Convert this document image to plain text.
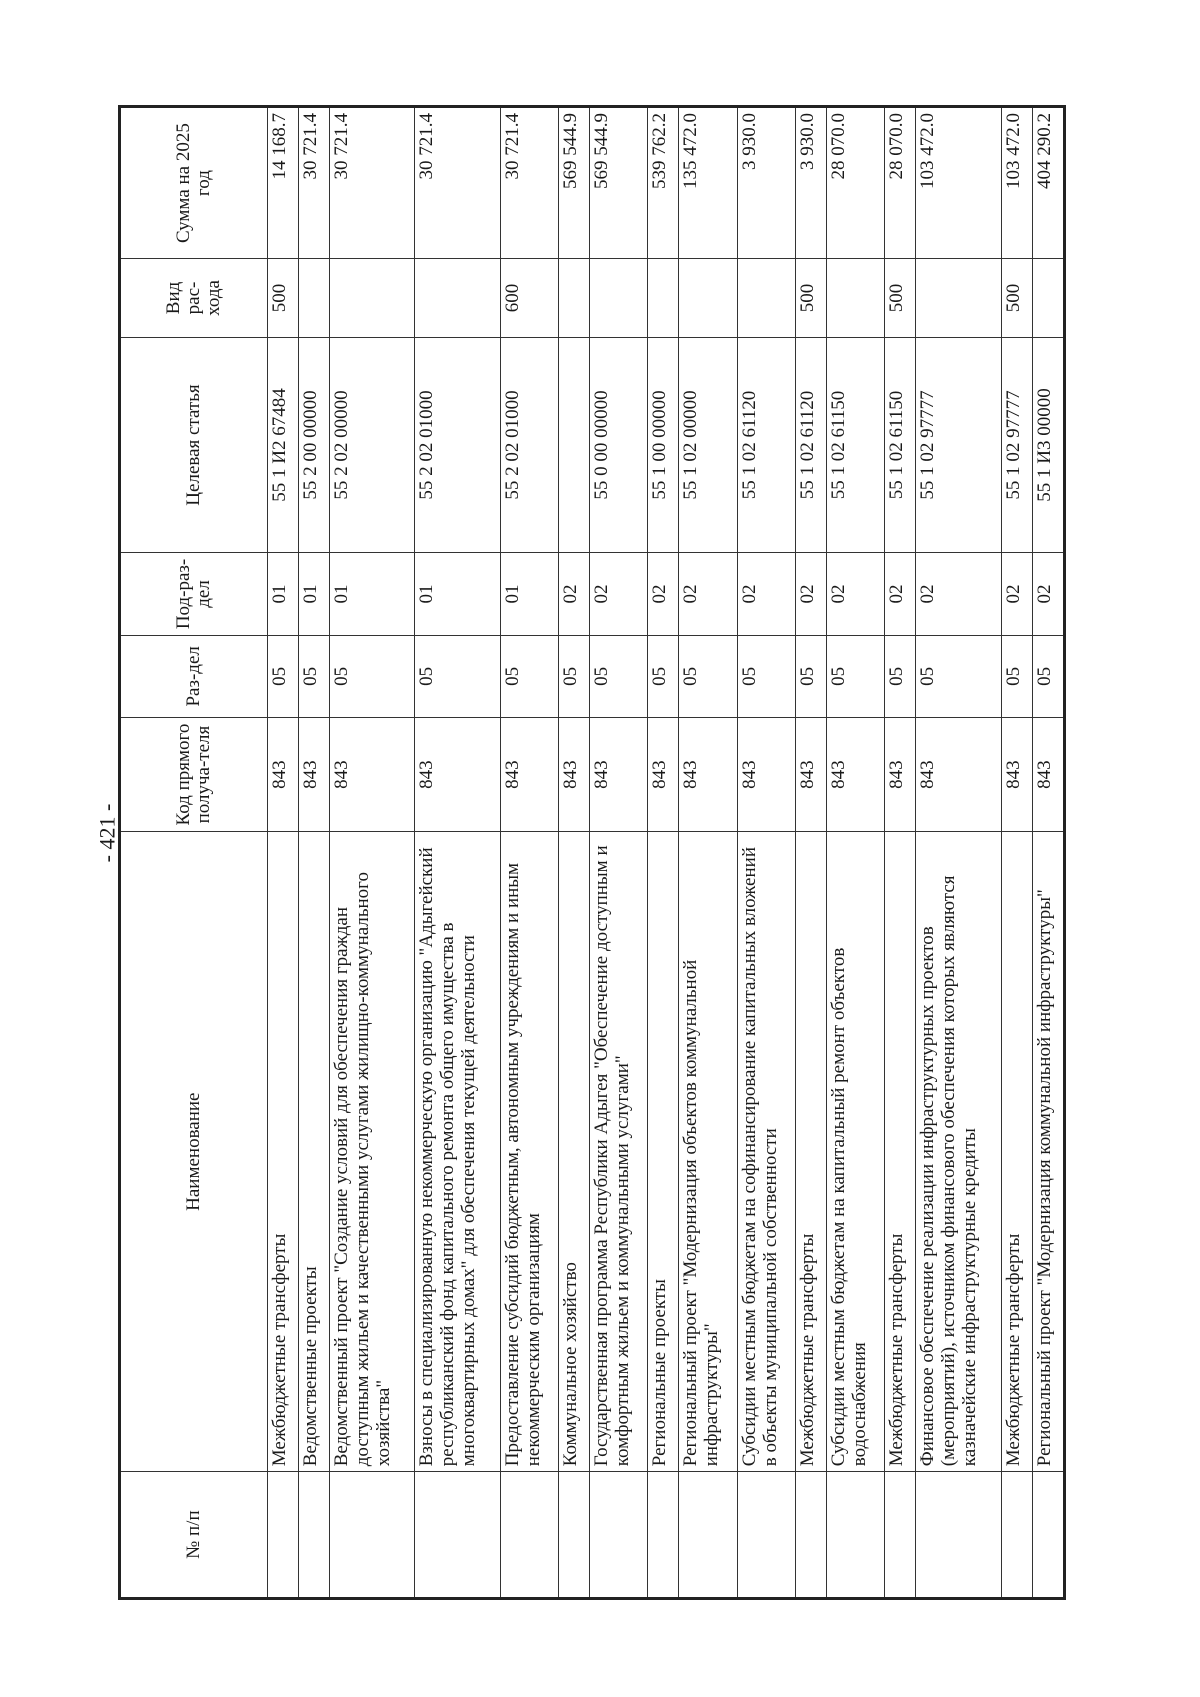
- 421 -
№ п/п	Наименование	Код прямого получа-теля	Раз-дел	Под-раз-дел	Целевая статья	Вид рас-хода	Сумма на 2025 год
	Межбюджетные трансферты	843	05	01	55 1 И2 67484	500	14 168.7
	Ведомственные проекты	843	05	01	55 2 00 00000		30 721.4
	Ведомственный проект "Создание условий для обеспечения граждан доступным жильем и качественными услугами жилищно-коммунального хозяйства"	843	05	01	55 2 02 00000		30 721.4
	Взносы в специализированную некоммерческую организацию "Адыгейский республиканский фонд капитального ремонта общего имущества в многоквартирных домах" для обеспечения текущей деятельности	843	05	01	55 2 02 01000		30 721.4
	Предоставление субсидий бюджетным, автономным учреждениям и иным некоммерческим организациям	843	05	01	55 2 02 01000	600	30 721.4
	Коммунальное хозяйство	843	05	02			569 544.9
	Государственная программа Республики Адыгея "Обеспечение доступным и комфортным жильем и коммунальными услугами"	843	05	02	55 0 00 00000		569 544.9
	Региональные проекты	843	05	02	55 1 00 00000		539 762.2
	Региональный проект "Модернизация объектов коммунальной инфраструктуры"	843	05	02	55 1 02 00000		135 472.0
	Субсидии местным бюджетам на софинансирование капитальных вложений в объекты муниципальной собственности	843	05	02	55 1 02 61120		3 930.0
	Межбюджетные трансферты	843	05	02	55 1 02 61120	500	3 930.0
	Субсидии местным бюджетам на капитальный ремонт объектов водоснабжения	843	05	02	55 1 02 61150		28 070.0
	Межбюджетные трансферты	843	05	02	55 1 02 61150	500	28 070.0
	Финансовое обеспечение реализации инфраструктурных проектов (мероприятий), источником финансового обеспечения которых являются казначейские инфраструктурные кредиты	843	05	02	55 1 02 97777		103 472.0
	Межбюджетные трансферты	843	05	02	55 1 02 97777	500	103 472.0
	Региональный проект "Модернизация коммунальной инфраструктуры"	843	05	02	55 1 И3 00000		404 290.2
